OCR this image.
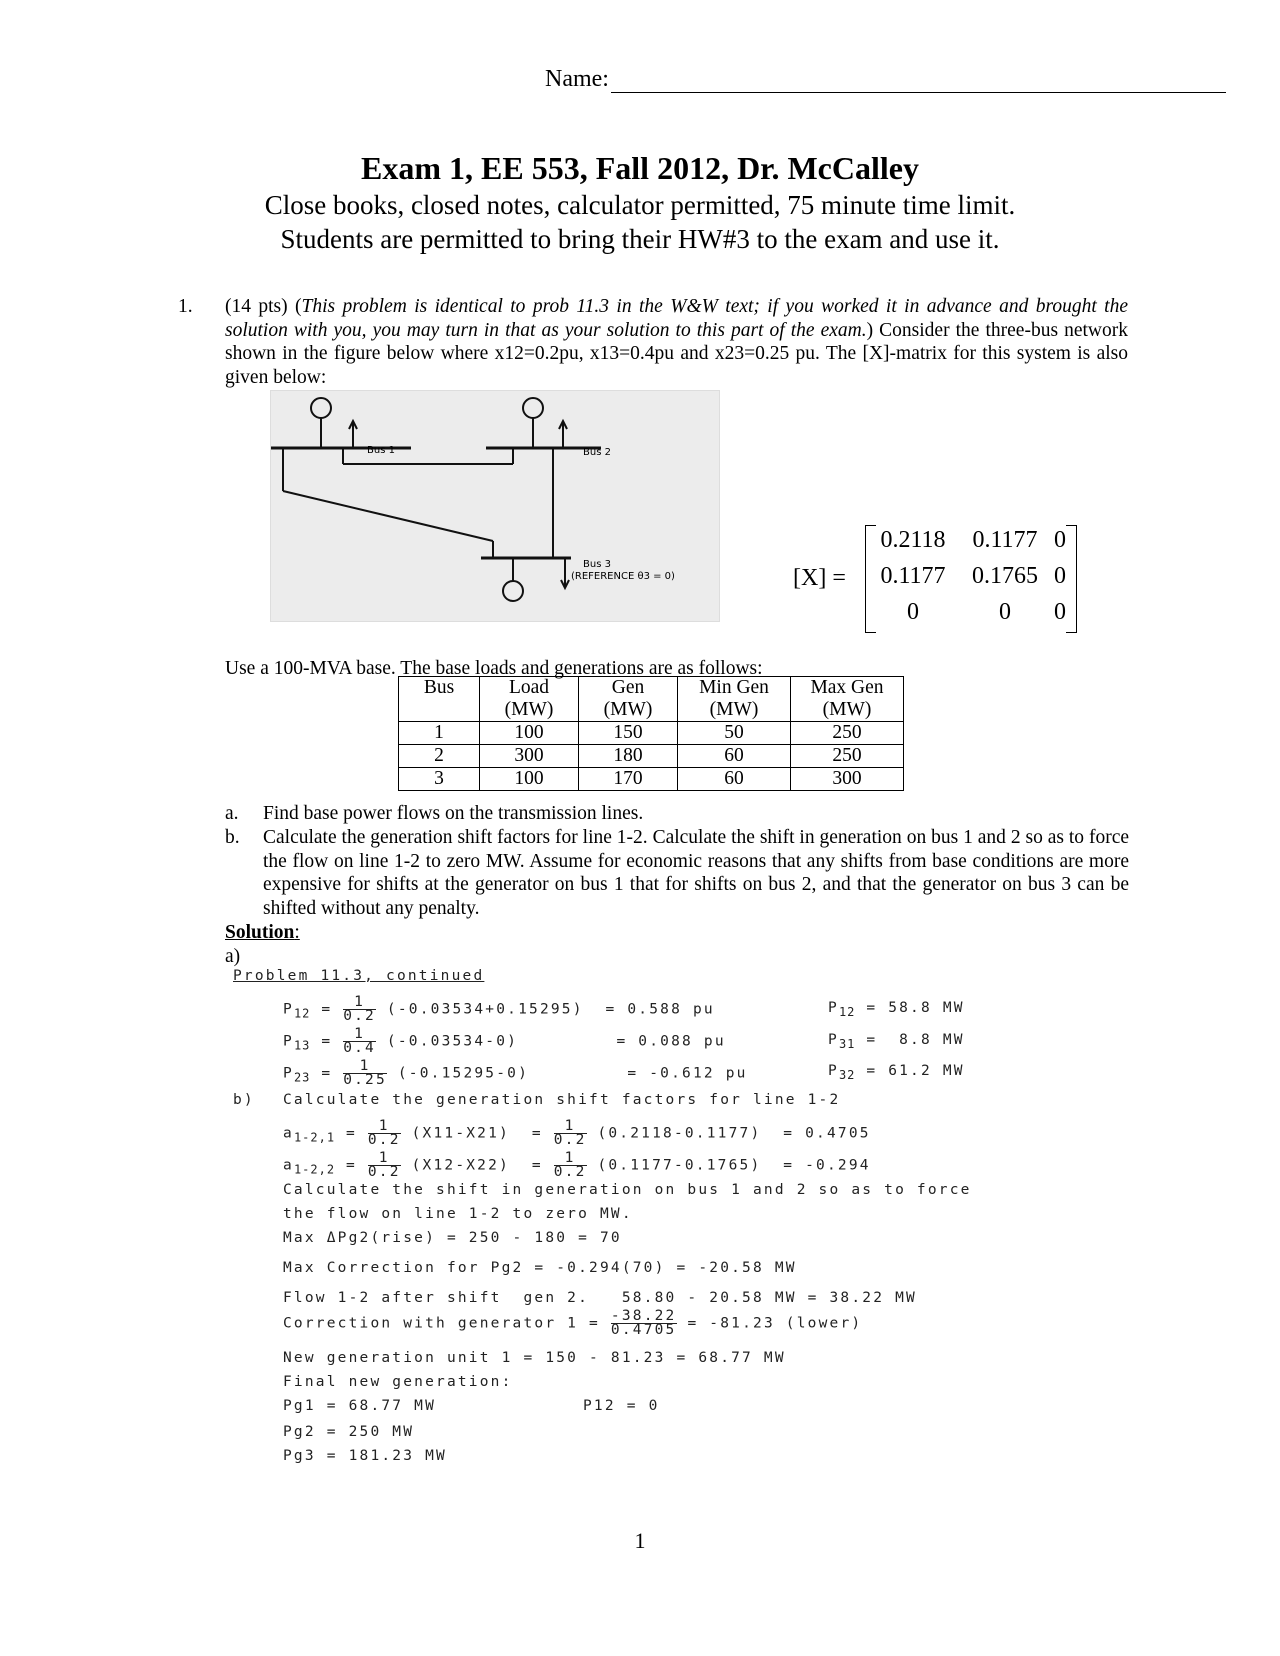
Name:
Exam 1, EE 553, Fall 2012, Dr. McCalley
Close books, closed notes, calculator permitted, 75 minute time limit.
Students are permitted to bring their HW#3 to the exam and use it.
1. (14 pts) (This problem is identical to prob 11.3 in the W&W text; if you worked it in advance and brought the solution with you, you may turn in that as your solution to this part of the exam.) Consider the three-bus network shown in the figure below where x12=0.2pu, x13=0.4pu and x23=0.25 pu. The [X]-matrix for this system is also given below:
Bus 1	Bus 2
Bus 3
(REFERENCE θ3 = 0)	[X] =
0.2118 0.1177 0
0.1177 0.1765 0
0	0	0
Use a 100-MVA base. The base loads and generations are as follows:
Bus	Load	Gen	Min Gen	Max Gen
	(MW)	(MW)	(MW)	(MW)
1	100	150	50	250
2	300	180	60	250
3	100	170	60	300
a. Find base power flows on the transmission lines.
b. Calculate the generation shift factors for line 1-2. Calculate the shift in generation on bus 1 and 2 so as to force the flow on line 1-2 to zero MW. Assume for economic reasons that any shifts from base conditions are more expensive for shifts at the generator on bus 1 that for shifts on bus 2, and that the generator on bus 3 can be shifted without any penalty.
Solution:
a)
Problem 11.3, continued
$P_{12} = \frac{1}{0.2} (-0.03534+0.15295) = 0.588$ pu
$P_{13} = \frac{1}{0.4} (-0.03534-0)$         = 0.088 pu
$P_{23} = \frac{1}{0.25} (-0.15295-0)$         = -0.612 pu
$P_{12} = 58.8$ MW
$P_{31} = 8.8$ MW
$P_{32} = 61.2$ MW
b) Calculate the generation shift factors for line 1-2
$a_{1-2,1} = \frac{1}{0.2} (X11-X21) = \frac{1}{0.2} (0.2118-0.1177) = 0.4705$
$a_{1-2,2} = \frac{1}{0.2} (X12-X22) = \frac{1}{0.2} (0.1177-0.1765) = -0.294$
Calculate the shift in generation on bus 1 and 2 so as to force
the flow on line 1-2 to zero MW.
Max ΔPg2(rise) = 250 - 180 = 70
Max Correction for Pg2 = -0.294(70) = -20.58 MW
Flow 1-2 after shift  gen 2.   58.80 - 20.58 MW = 38.22 MW
Correction with generator $1 = \frac{-38.22}{0.4705} = -81.23$ (lower)
New generation unit 1 = 150 - 81.23 = 68.77 MW
Final new generation:
Pg1 = 68.77 MW	P12 = 0
Pg2 = 250 MW
Pg3 = 181.23 MW
1
